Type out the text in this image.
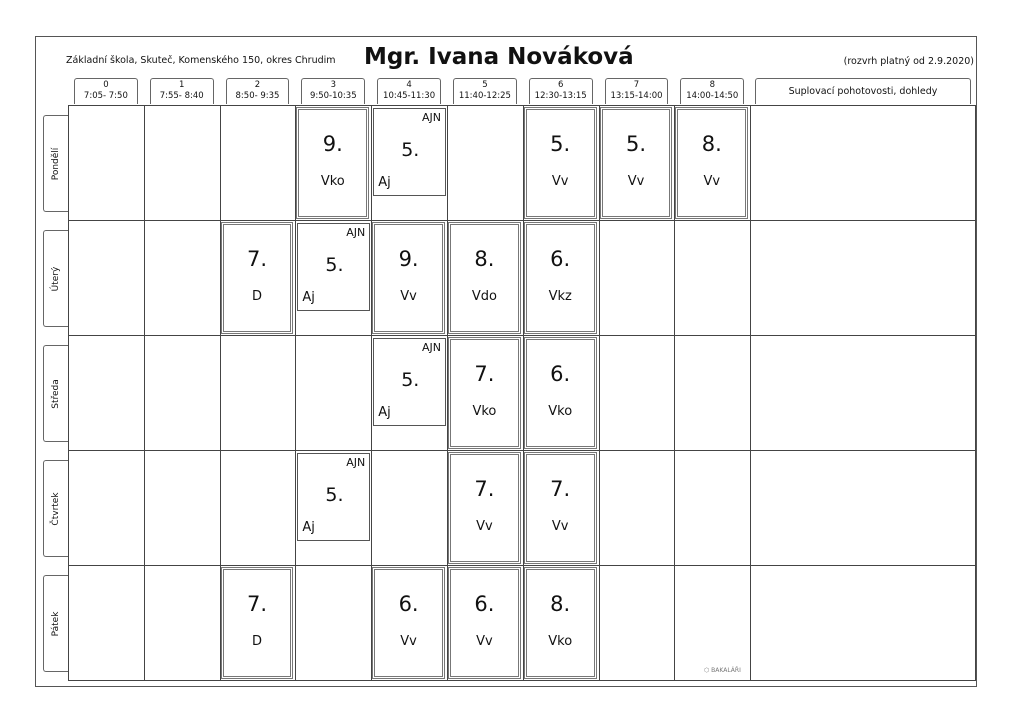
Základní škola, Skuteč, Komenského 150, okres Chrudim Mgr. Ivana Nováková	(rozvrh platný od 2.9.2020)
0
7:05- 7:50
1
7:55- 8:40
2
8:50- 9:35
3
9:50-10:35
4
10:45-11:30
5
11:40-12:25
6
12:30-13:15
7
13:15-14:00
8
14:00-14:50	Suplovací pohotovosti, dohledy
Pondělí
Úterý
Středa
Čtvrtek
Pátek
9.
Vko
AJN
5.
Aj
5.
Vv
5.
Vv
8.
Vv
7.
D
AJN
5.
Aj
9.
Vv
8.
Vdo
6.
Vkz
AJN
5.
Aj
7.
Vko
6.
Vko
AJN
5.
Aj
7.
Vv
7.
Vv
7.
D
6.
Vv
6.
Vv
8.
Vko
⬡ BAKALÁŘI
